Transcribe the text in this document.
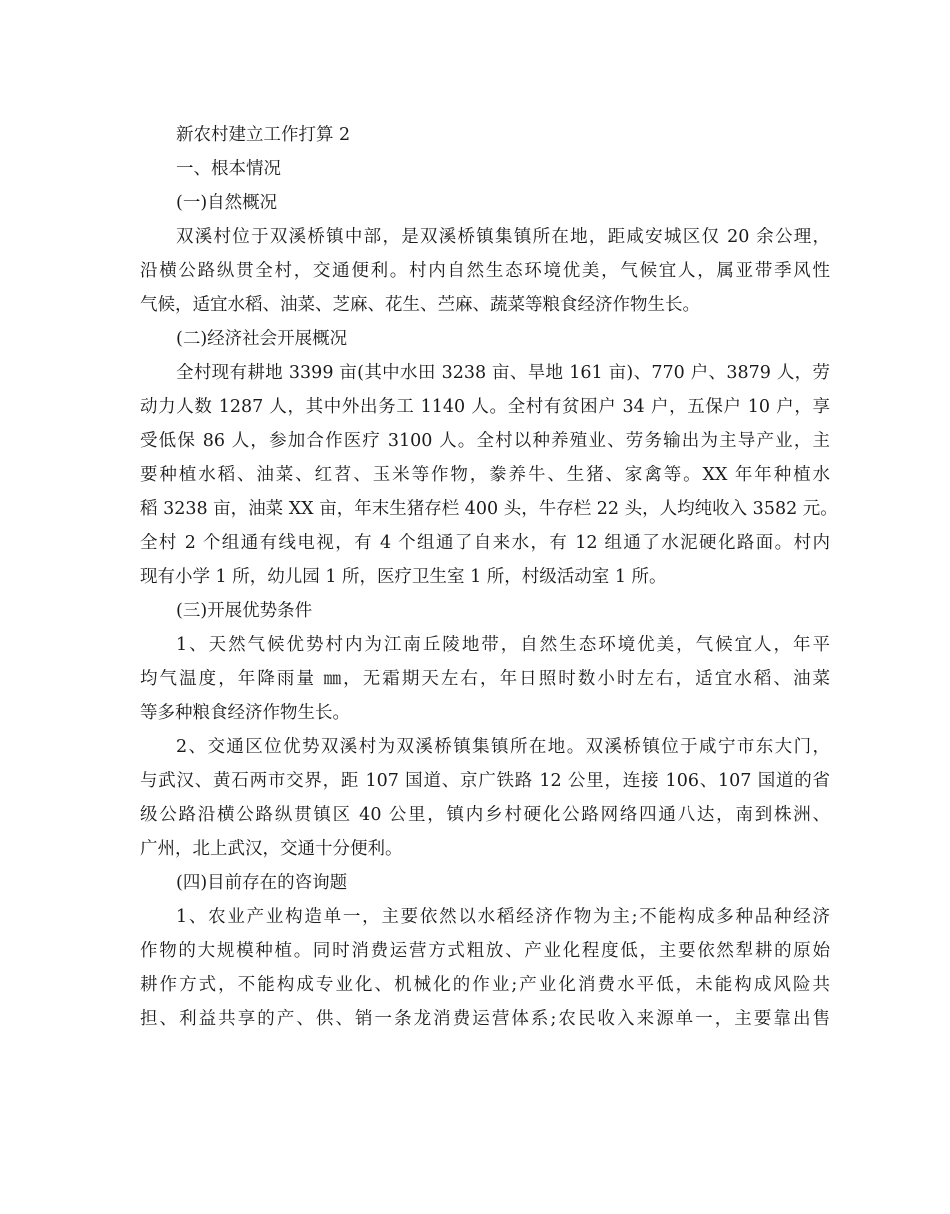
新农村建立工作打算 2
一、根本情况
(一)自然概况
双溪村位于双溪桥镇中部，是双溪桥镇集镇所在地，距咸安城区仅 20 余公理，
沿横公路纵贯全村，交通便利。村内自然生态环境优美，气候宜人，属亚带季风性
气候，适宜水稻、油菜、芝麻、花生、苎麻、蔬菜等粮食经济作物生长。
(二)经济社会开展概况
全村现有耕地 3399 亩(其中水田 3238 亩、旱地 161 亩)、770 户、3879 人，劳
动力人数 1287 人，其中外出务工 1140 人。全村有贫困户 34 户，五保户 10 户，享
受低保 86 人，参加合作医疗 3100 人。全村以种养殖业、劳务输出为主导产业，主
要种植水稻、油菜、红苕、玉米等作物，豢养牛、生猪、家禽等。XX 年年种植水
稻 3238 亩，油菜 XX 亩，年末生猪存栏 400 头，牛存栏 22 头，人均纯收入 3582 元。
全村 2 个组通有线电视，有 4 个组通了自来水，有 12 组通了水泥硬化路面。村内
现有小学 1 所，幼儿园 1 所，医疗卫生室 1 所，村级活动室 1 所。
(三)开展优势条件
1、天然气候优势村内为江南丘陵地带，自然生态环境优美，气候宜人，年平
均气温度，年降雨量 ㎜，无霜期天左右，年日照时数小时左右，适宜水稻、油菜
等多种粮食经济作物生长。
2、交通区位优势双溪村为双溪桥镇集镇所在地。双溪桥镇位于咸宁市东大门，
与武汉、黄石两市交界，距 107 国道、京广铁路 12 公里，连接 106、107 国道的省
级公路沿横公路纵贯镇区 40 公里，镇内乡村硬化公路网络四通八达，南到株洲、
广州，北上武汉，交通十分便利。
(四)目前存在的咨询题
1、农业产业构造单一，主要依然以水稻经济作物为主;不能构成多种品种经济
作物的大规模种植。同时消费运营方式粗放、产业化程度低，主要依然犁耕的原始
耕作方式，不能构成专业化、机械化的作业;产业化消费水平低，未能构成风险共
担、利益共享的产、供、销一条龙消费运营体系;农民收入来源单一，主要靠出售
